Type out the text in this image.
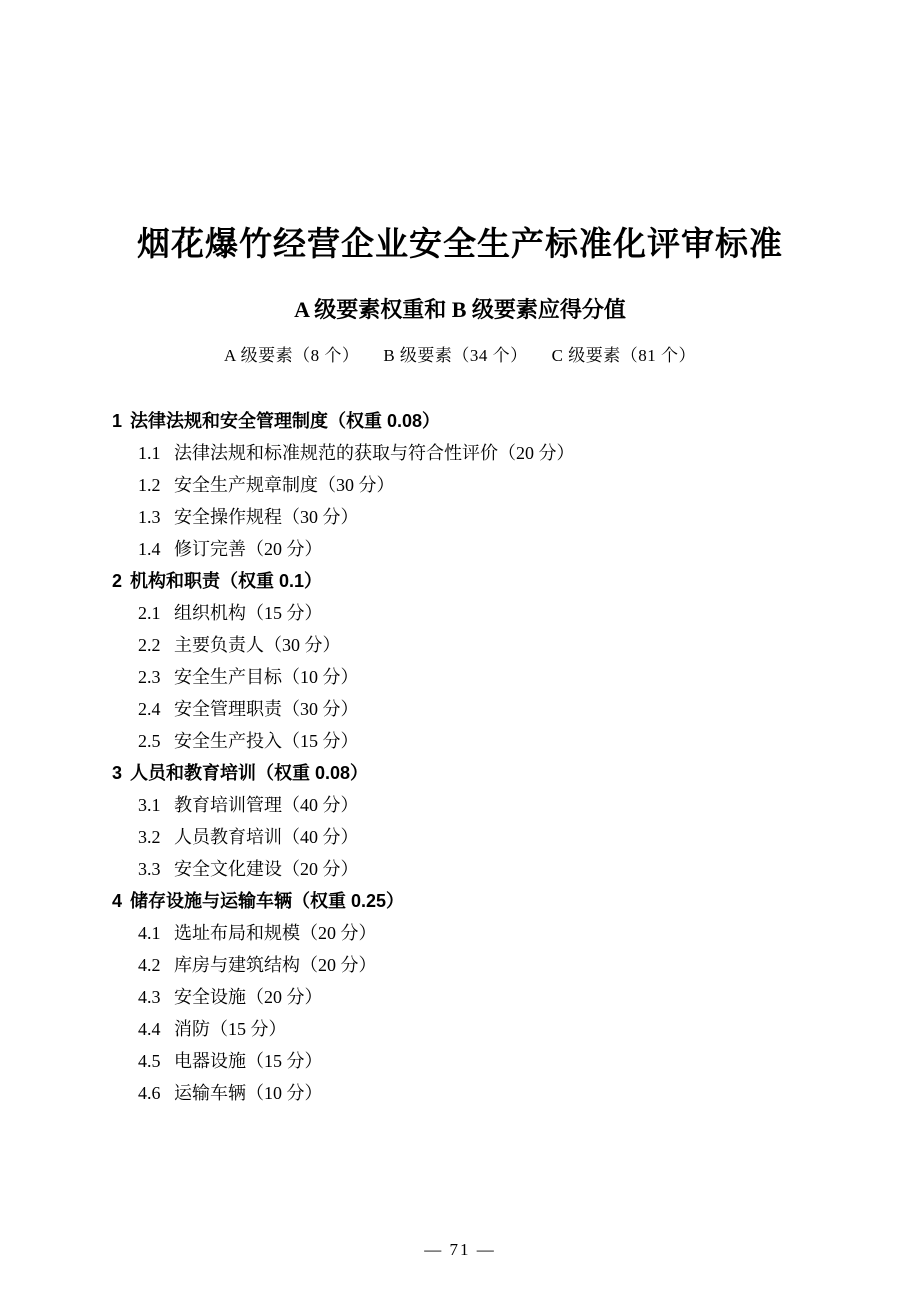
烟花爆竹经营企业安全生产标准化评审标准
A 级要素权重和 B 级要素应得分值
A 级要素（8 个） B 级要素（34 个） C 级要素（81 个）

1 法律法规和安全管理制度（权重 0.08）

1.1 法律法规和标准规范的获取与符合性评价（20 分）

1.2 安全生产规章制度（30 分）

1.3 安全操作规程（30 分）

1.4 修订完善（20 分）

2 机构和职责（权重 0.1）

2.1 组织机构（15 分）

2.2 主要负责人（30 分）

2.3 安全生产目标（10 分）

2.4 安全管理职责（30 分）

2.5 安全生产投入（15 分）

3 人员和教育培训（权重 0.08）

3.1 教育培训管理（40 分）

3.2 人员教育培训（40 分）

3.3 安全文化建设（20 分）

4 储存设施与运输车辆（权重 0.25）

4.1 选址布局和规模（20 分）

4.2 库房与建筑结构（20 分）

4.3 安全设施（20 分）

4.4 消防（15 分）

4.5 电器设施（15 分）

4.6 运输车辆（10 分）

— 71 —
